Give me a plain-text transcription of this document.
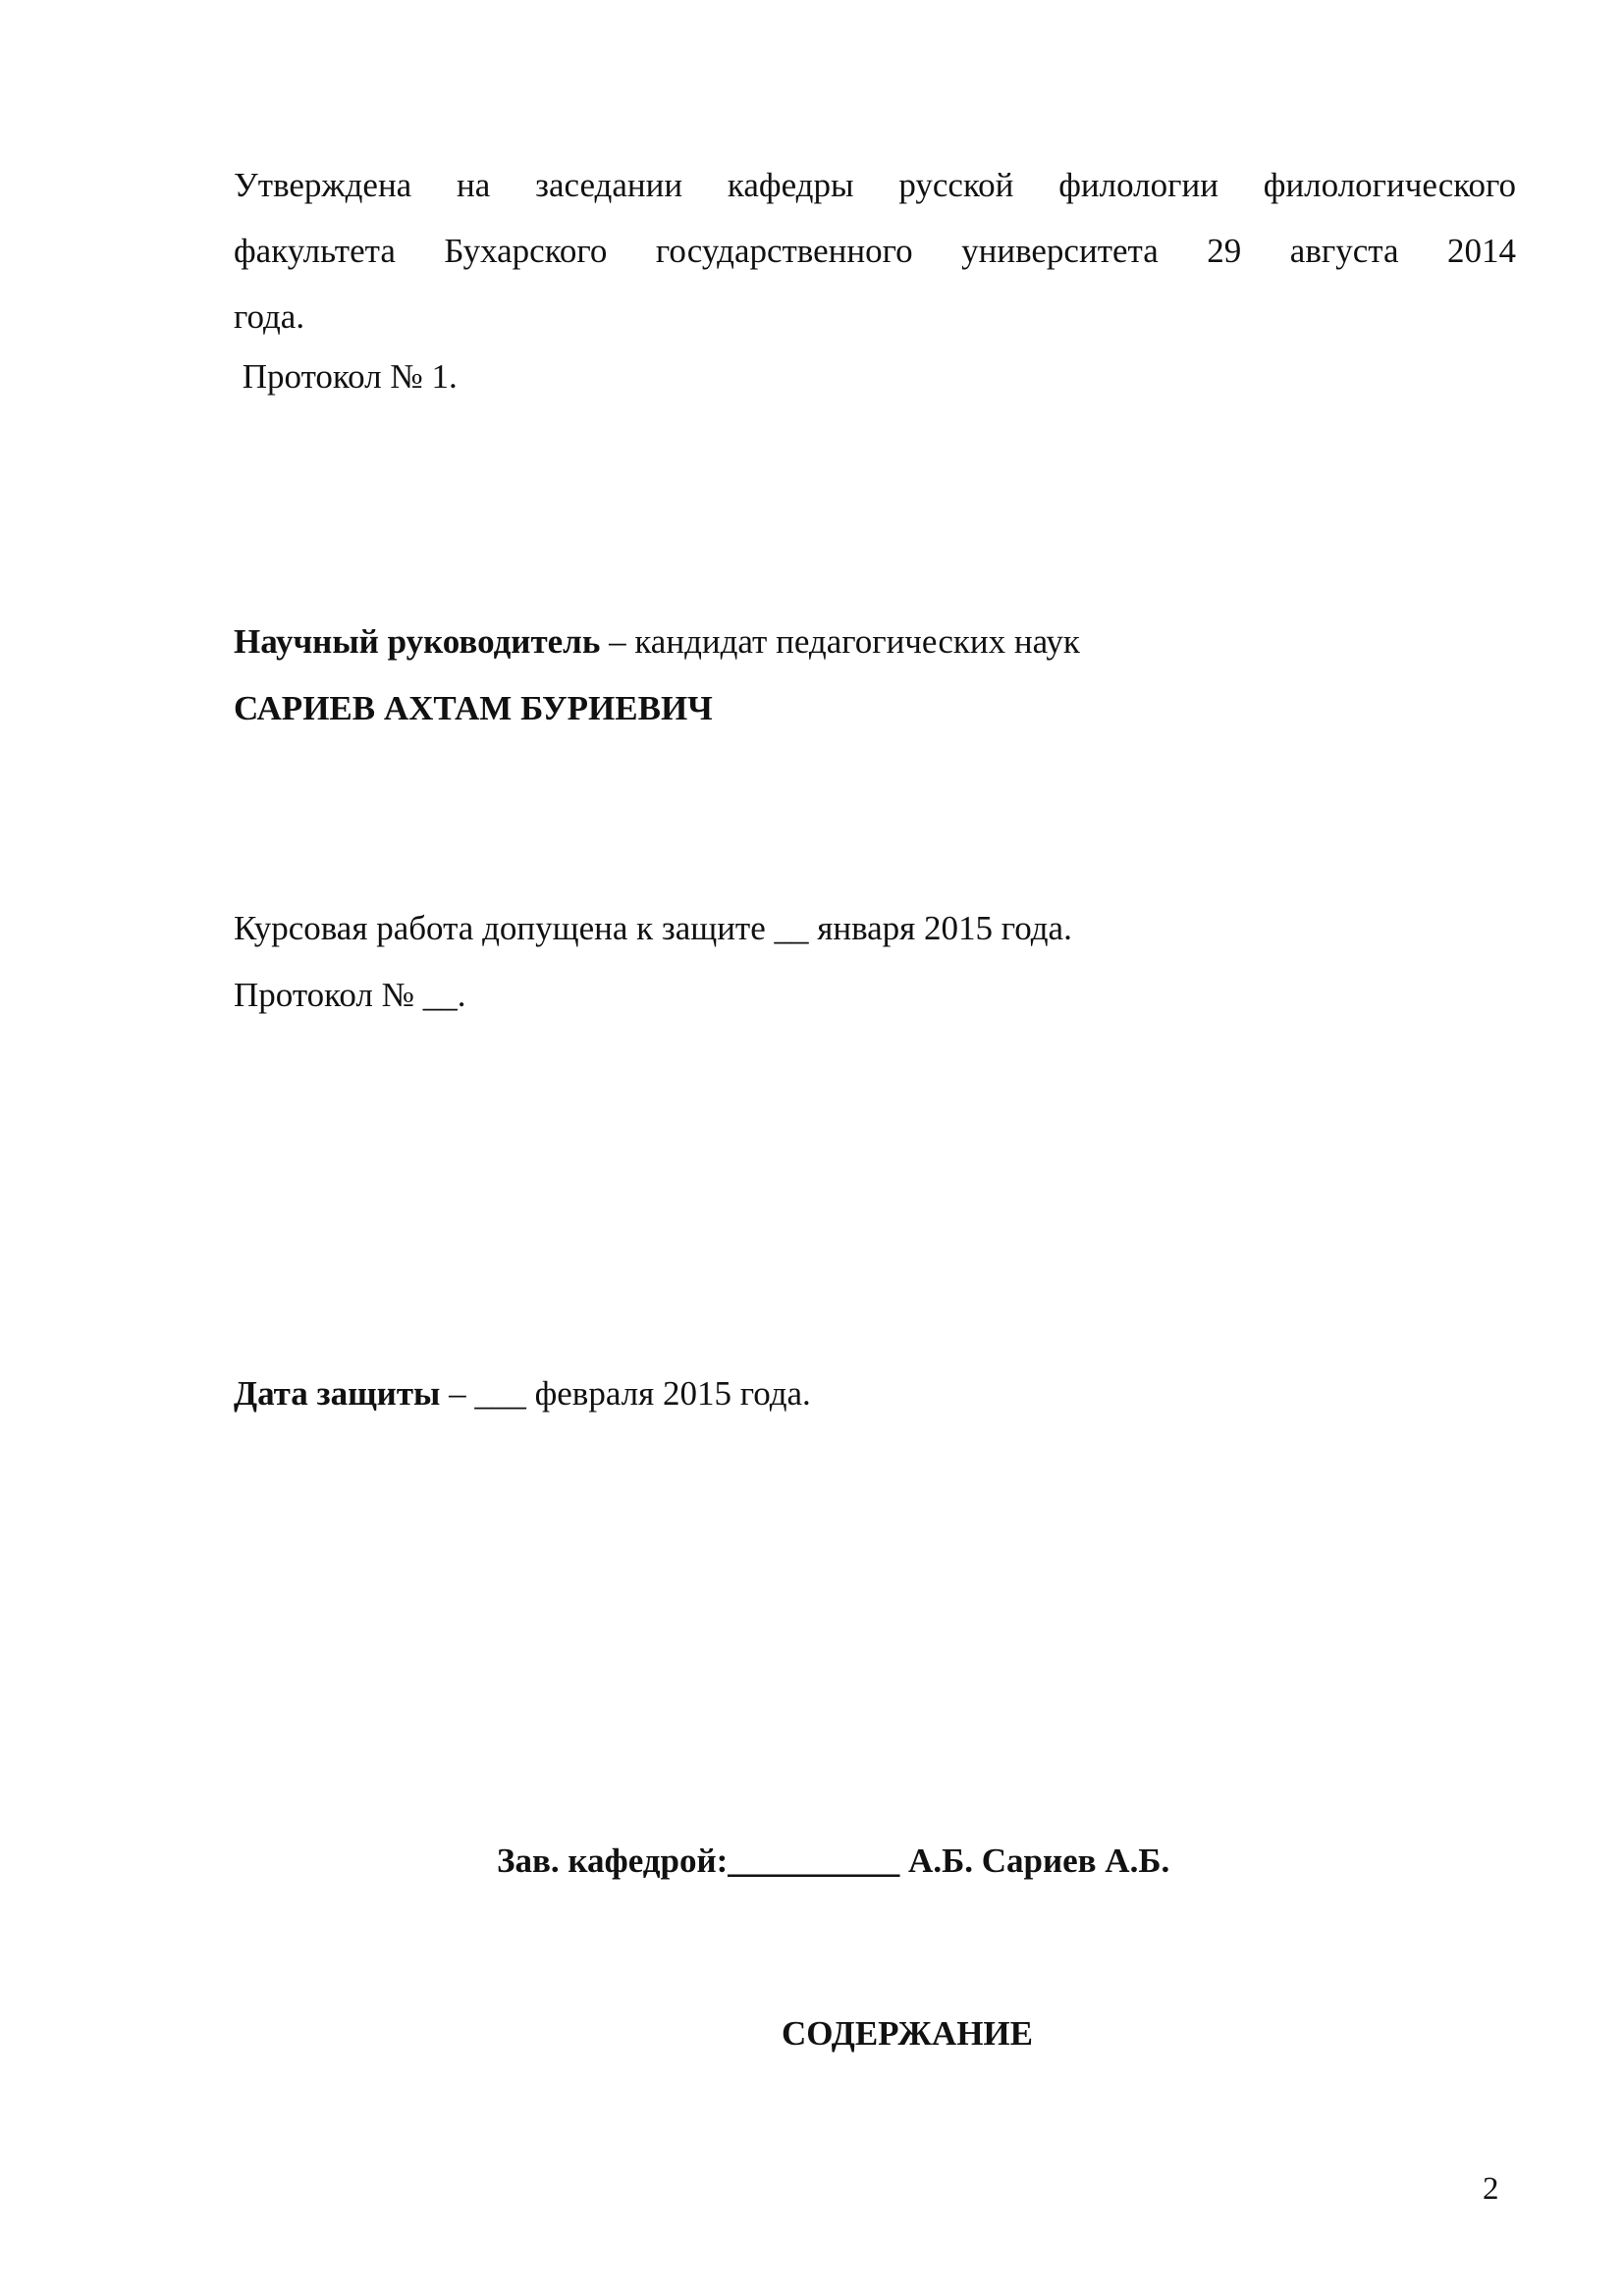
Утверждена на заседании кафедры русской филологии филологического
факультета Бухарского государственного университета 29 августа 2014
года.
Протокол № 1.
Научный руководитель – кандидат педагогических наук
САРИЕВ АХТАМ БУРИЕВИЧ
Курсовая работа допущена к защите __ января 2015 года.
Протокол № __.
Дата защиты – ___ февраля 2015 года.
Зав. кафедрой:__________ А.Б. Сариев А.Б.
СОДЕРЖАНИЕ
2
